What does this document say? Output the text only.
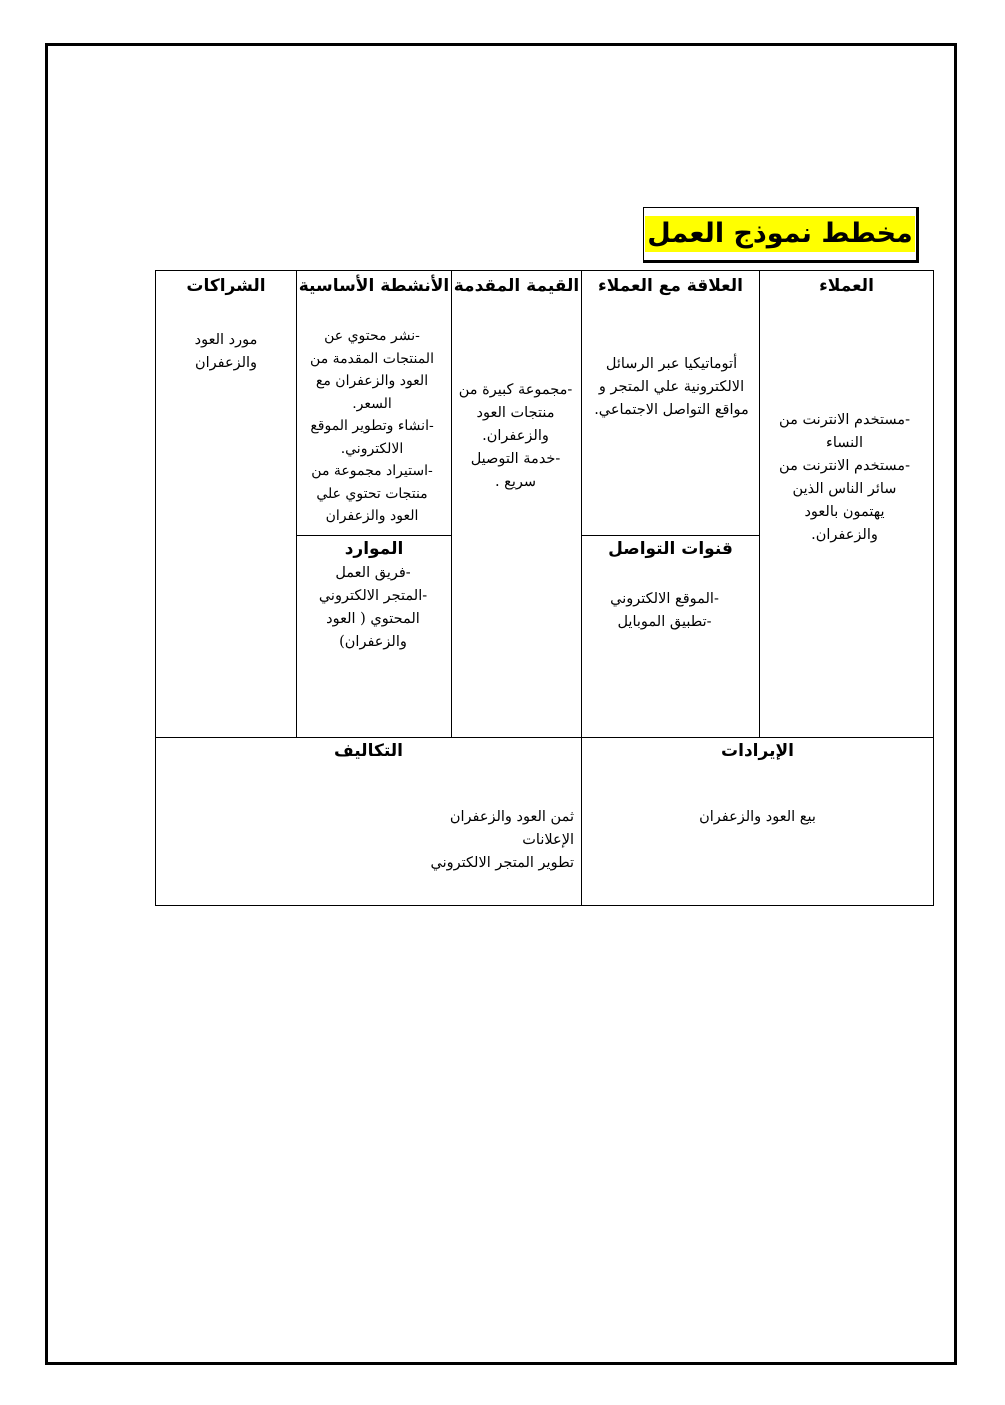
مخطط نموذج العمل
العملاء
-مستخدم الانترنت من النساء
-مستخدم الانترنت من سائر الناس الذين يهتمون بالعود والزعفران.
العلاقة مع العملاء
أتوماتيكيا عبر الرسائل الالكترونية علي المتجر و مواقع التواصل الاجتماعي.
قنوات التواصل
-الموقع الالكتروني
-تطبيق الموبايل
القيمة المقدمة
-مجموعة كبيرة من منتجات العود والزعفران.
-خدمة التوصيل سريع .
الأنشطة الأساسية
-نشر محتوي عن المنتجات المقدمة من العود والزعفران مع السعر.
-انشاء وتطوير الموقع الالكتروني.
-استيراد مجموعة من منتجات تحتوي علي العود والزعفران
الموارد
-فريق العمل
-المتجر الالكتروني
المحتوي ( العود والزعفران)
الشراكات
مورد العود والزعفران
الإيرادات
بيع العود والزعفران
التكاليف
ثمن العود والزعفران
الإعلانات
تطوير المتجر الالكتروني
